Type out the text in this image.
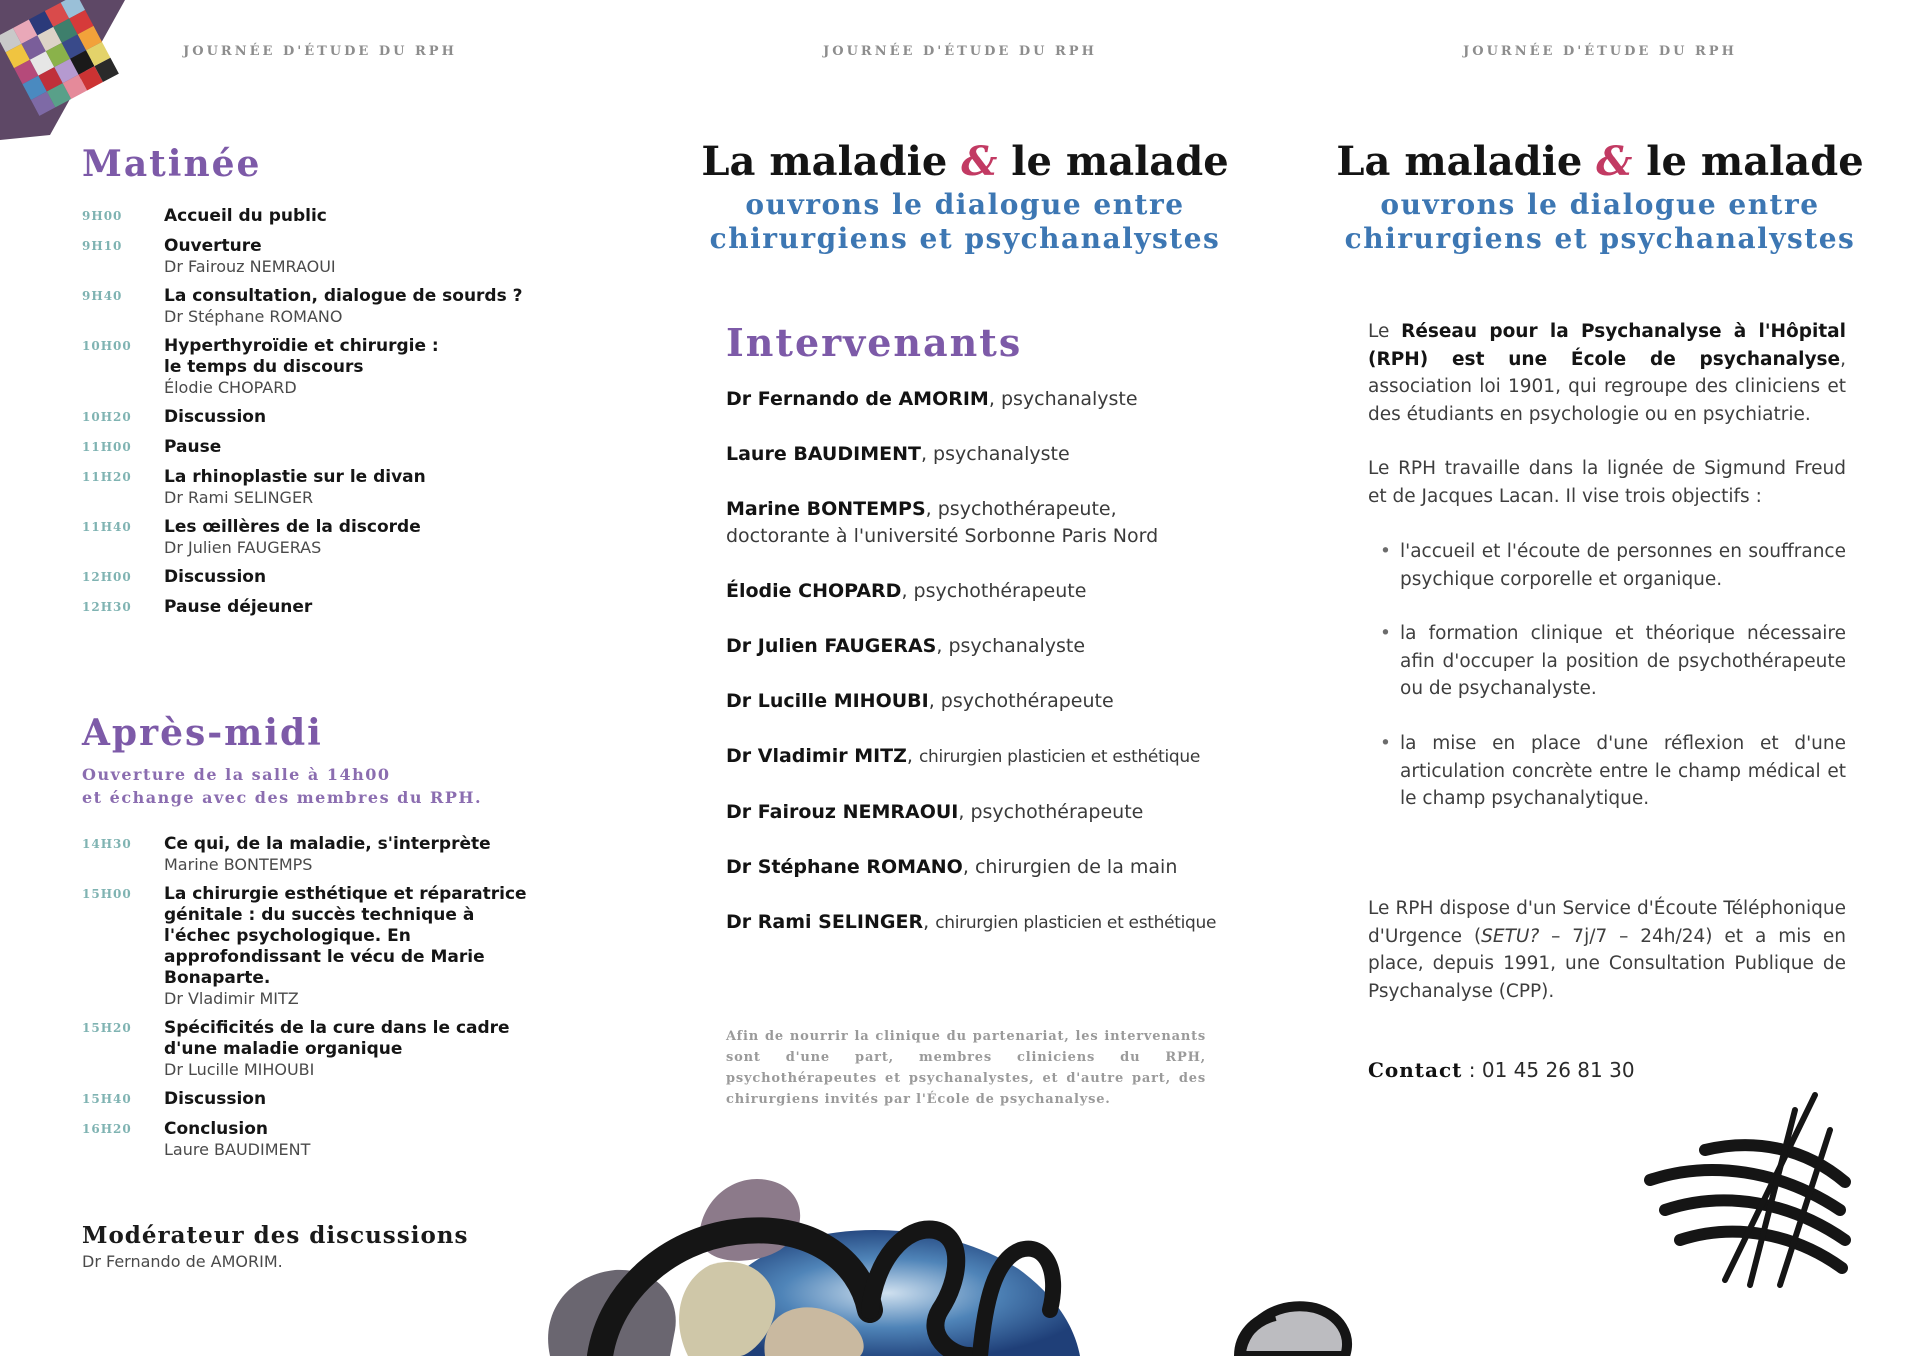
JOURNÉE D'ÉTUDE DU RPH
Matinée
9H00	Accueil du public
9H10	Ouverture
Dr Fairouz NEMRAOUI
9H40	La consultation, dialogue de sourds ?
Dr Stéphane ROMANO
10H00	Hyperthyroïdie et chirurgie : le temps du discours
Élodie CHOPARD
10H20	Discussion
11H00	Pause
11H20	La rhinoplastie sur le divan
Dr Rami SELINGER
11H40	Les œillères de la discorde
Dr Julien FAUGERAS
12H00	Discussion
12H30	Pause déjeuner
Après-midi
Ouverture de la salle à 14h00
et échange avec des membres du RPH.
14H30	Ce qui, de la maladie, s'interprète
Marine BONTEMPS
15H00	La chirurgie esthétique et réparatrice génitale : du succès technique à l'échec psychologique. En approfondissant le vécu de Marie Bonaparte.
Dr Vladimir MITZ
15H20	Spécificités de la cure dans le cadre d'une maladie organique
Dr Lucille MIHOUBI
15H40	Discussion
16H20	Conclusion
Laure BAUDIMENT
Modérateur des discussions
Dr Fernando de AMORIM.
JOURNÉE D'ÉTUDE DU RPH
La maladie & le malade
ouvrons le dialogue entre
chirurgiens et psychanalystes
Intervenants
Dr Fernando de AMORIM, psychanalyste
Laure BAUDIMENT, psychanalyste
Marine BONTEMPS, psychothérapeute,
doctorante à l'université Sorbonne Paris Nord
Élodie CHOPARD, psychothérapeute
Dr Julien FAUGERAS, psychanalyste
Dr Lucille MIHOUBI, psychothérapeute
Dr Vladimir MITZ, chirurgien plasticien et esthétique
Dr Fairouz NEMRAOUI, psychothérapeute
Dr Stéphane ROMANO, chirurgien de la main
Dr Rami SELINGER, chirurgien plasticien et esthétique
Afin de nourrir la clinique du partenariat, les intervenants sont d'une part, membres cliniciens du RPH, psychothérapeutes et psychanalystes, et d'autre part, des chirurgiens invités par l'École de psychanalyse.
JOURNÉE D'ÉTUDE DU RPH
La maladie & le malade
ouvrons le dialogue entre
chirurgiens et psychanalystes
Le Réseau pour la Psychanalyse à l'Hôpital (RPH) est une École de psychanalyse, association loi 1901, qui regroupe des cliniciens et des étudiants en psychologie ou en psychiatrie.
Le RPH travaille dans la lignée de Sigmund Freud et de Jacques Lacan. Il vise trois objectifs :
• l'accueil et l'écoute de personnes en souffrance psychique corporelle et organique.
• la formation clinique et théorique nécessaire afin d'occuper la position de psychothérapeute ou de psychanalyste.
• la mise en place d'une réflexion et d'une articulation concrète entre le champ médical et le champ psychanalytique.
Le RPH dispose d'un Service d'Écoute Téléphonique d'Urgence (SETU? – 7j/7 – 24h/24) et a mis en place, depuis 1991, une Consultation Publique de Psychanalyse (CPP).
Contact : 01 45 26 81 30
